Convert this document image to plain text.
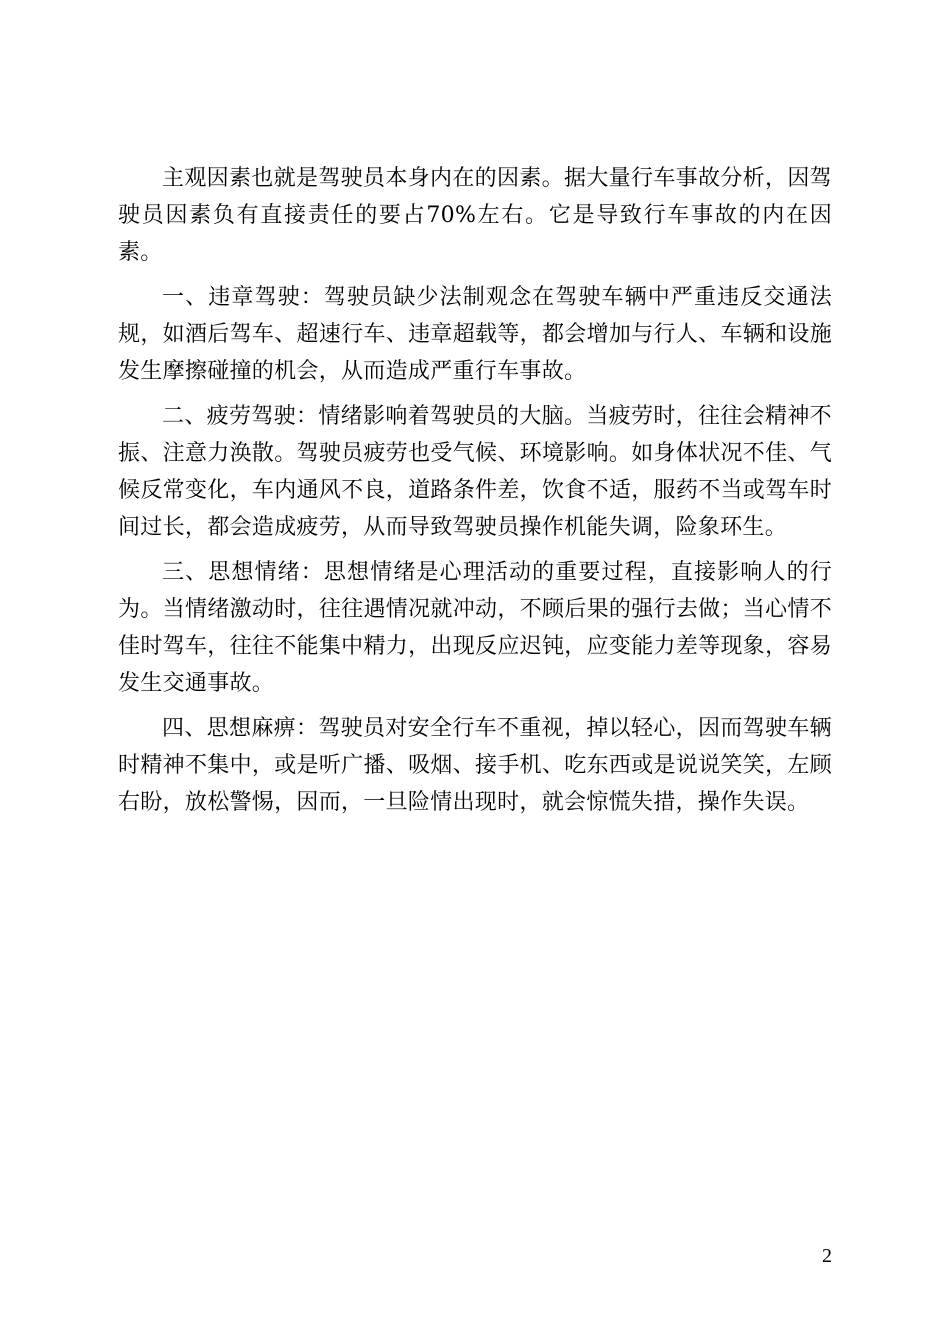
主观因素也就是驾驶员本身内在的因素。据大量行车事故分析，因驾驶员因素负有直接责任的要占70%左右。它是导致行车事故的内在因素。

一、违章驾驶：驾驶员缺少法制观念在驾驶车辆中严重违反交通法规，如酒后驾车、超速行车、违章超载等，都会增加与行人、车辆和设施发生摩擦碰撞的机会，从而造成严重行车事故。

二、疲劳驾驶：情绪影响着驾驶员的大脑。当疲劳时，往往会精神不振、注意力涣散。驾驶员疲劳也受气候、环境影响。如身体状况不佳、气候反常变化，车内通风不良，道路条件差，饮食不适，服药不当或驾车时间过长，都会造成疲劳，从而导致驾驶员操作机能失调，险象环生。

三、思想情绪：思想情绪是心理活动的重要过程，直接影响人的行为。当情绪激动时，往往遇情况就冲动，不顾后果的强行去做；当心情不佳时驾车，往往不能集中精力，出现反应迟钝，应变能力差等现象，容易发生交通事故。

四、思想麻痹：驾驶员对安全行车不重视，掉以轻心，因而驾驶车辆时精神不集中，或是听广播、吸烟、接手机、吃东西或是说说笑笑，左顾右盼，放松警惕，因而，一旦险情出现时，就会惊慌失措，操作失误。

2
